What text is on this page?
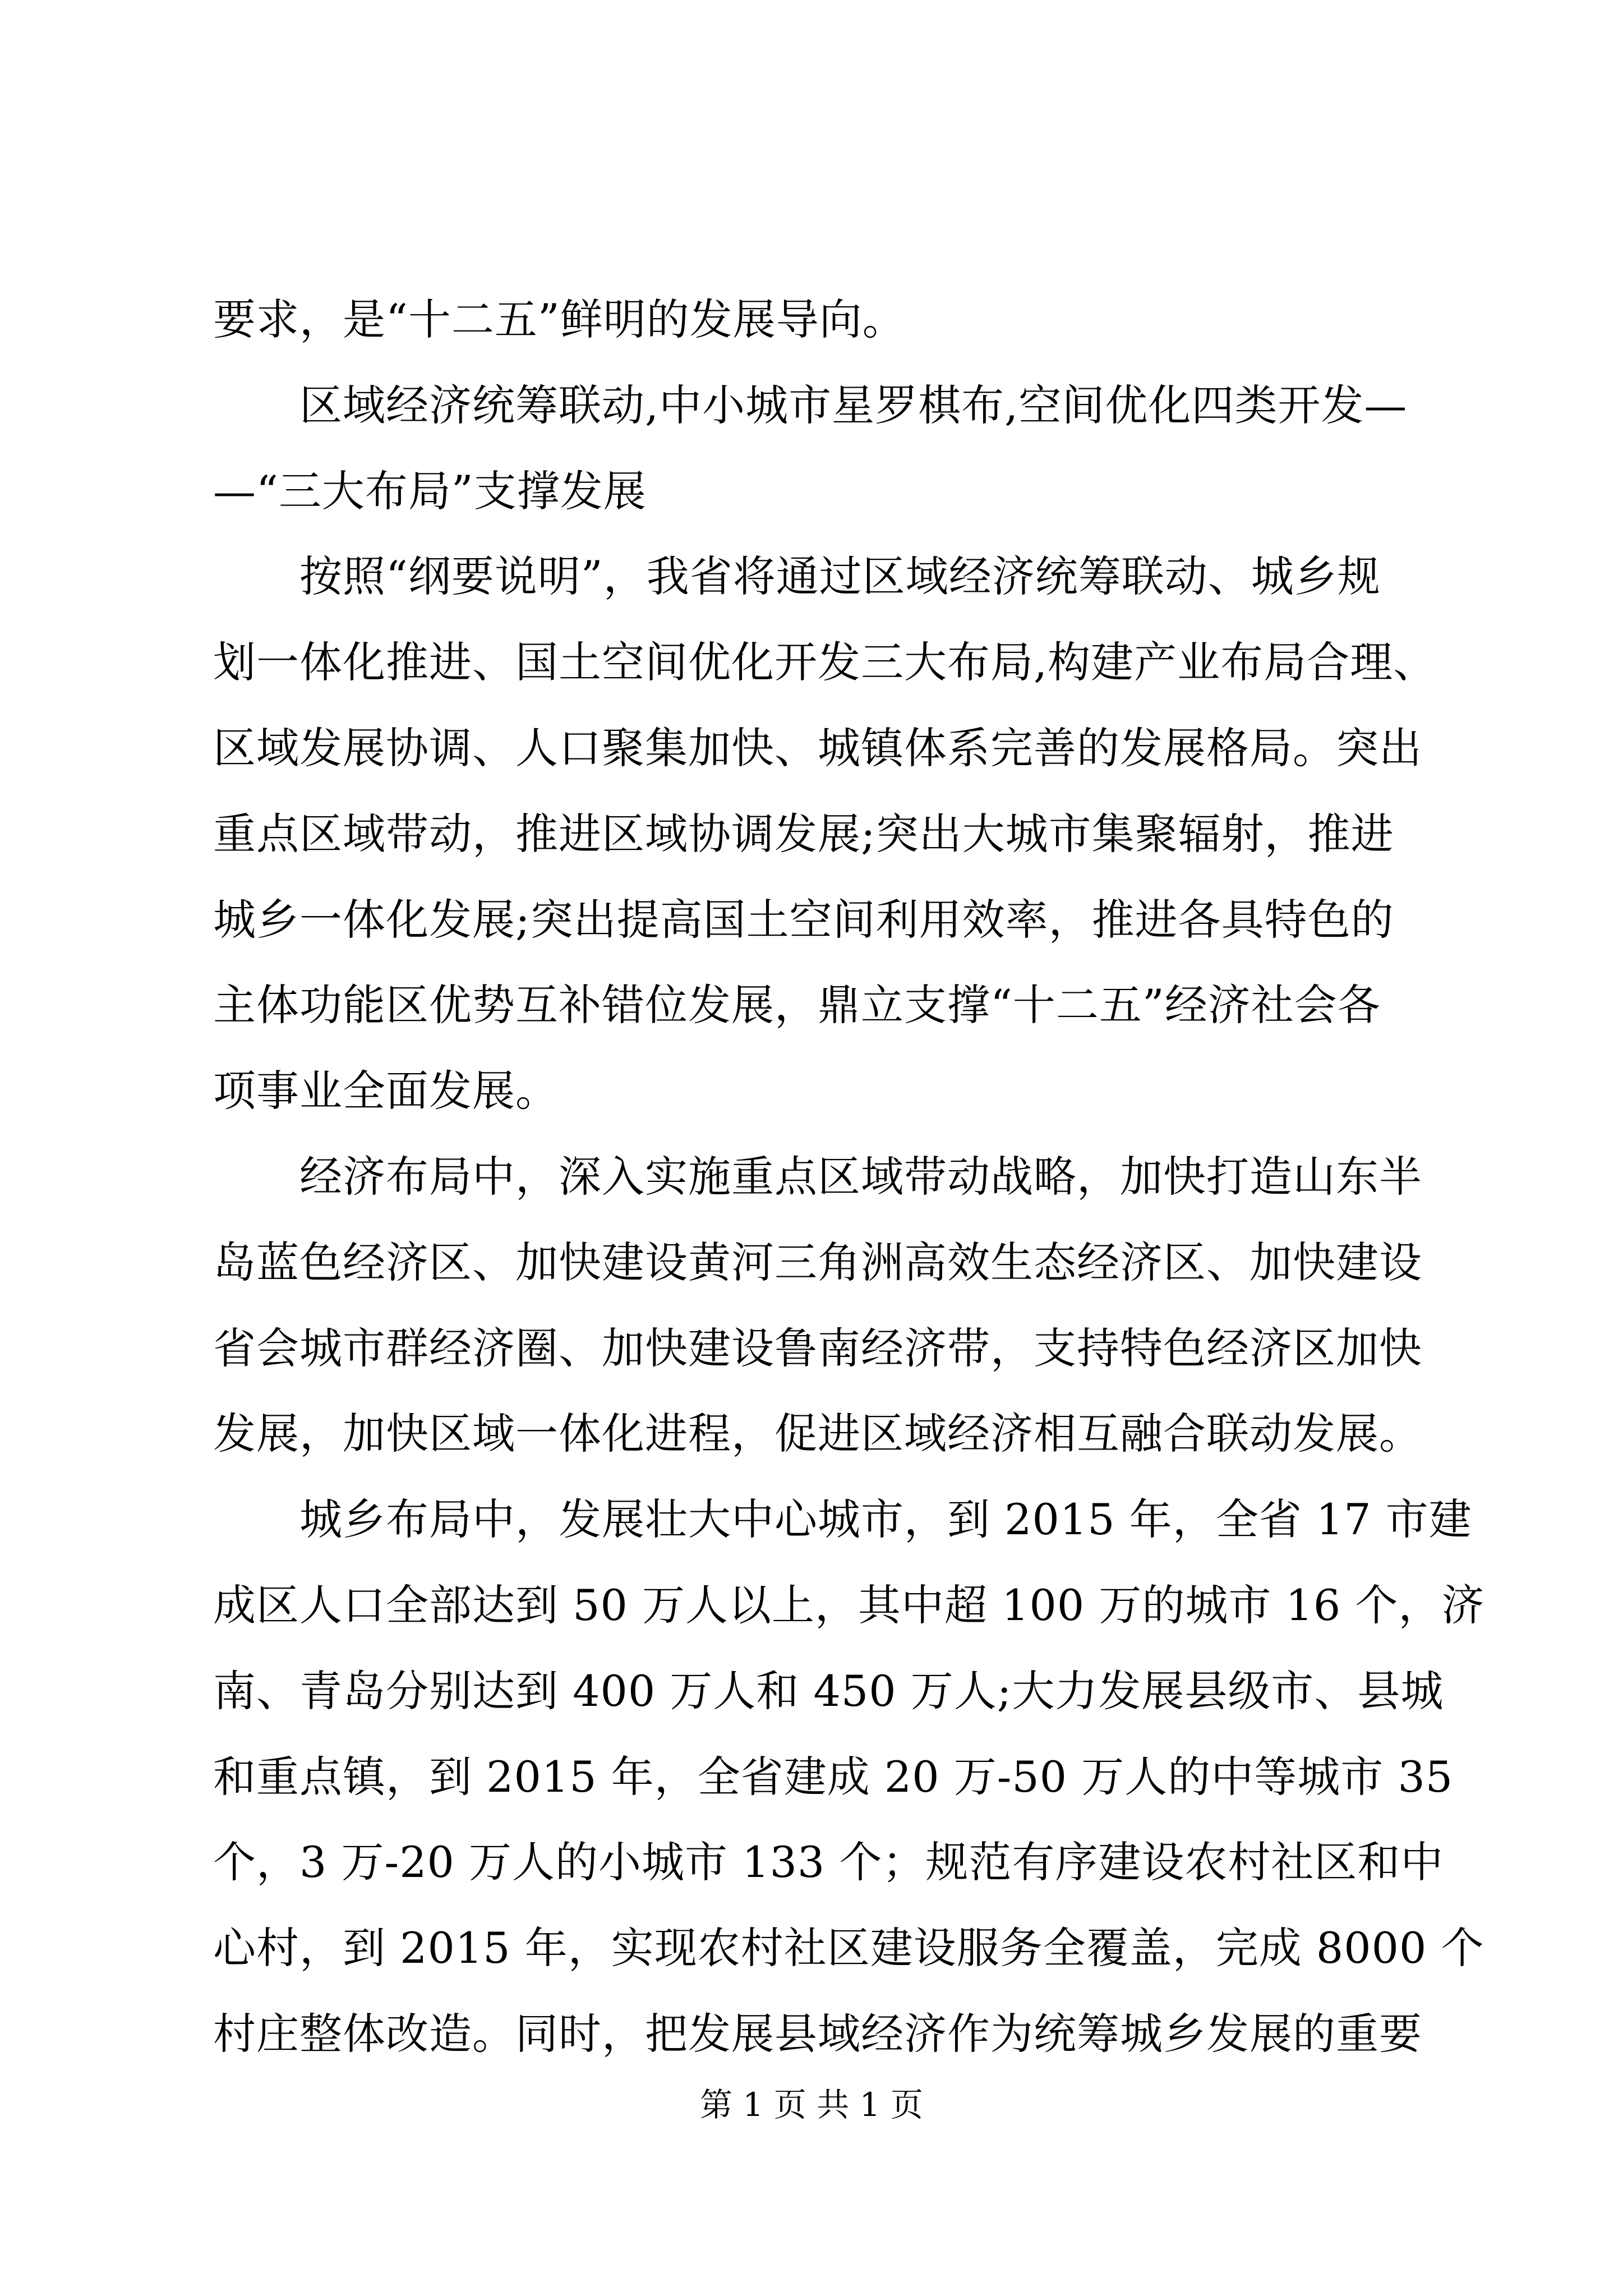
要求，是“十二五”鲜明的发展导向。
　　区域经济统筹联动,中小城市星罗棋布,空间优化四类开发—
—“三大布局”支撑发展
　　按照“纲要说明”，我省将通过区域经济统筹联动、城乡规
划一体化推进、国土空间优化开发三大布局,构建产业布局合理、
区域发展协调、人口聚集加快、城镇体系完善的发展格局。突出
重点区域带动，推进区域协调发展;突出大城市集聚辐射，推进
城乡一体化发展;突出提高国土空间利用效率，推进各具特色的
主体功能区优势互补错位发展，鼎立支撑“十二五”经济社会各
项事业全面发展。
　　经济布局中，深入实施重点区域带动战略，加快打造山东半
岛蓝色经济区、加快建设黄河三角洲高效生态经济区、加快建设
省会城市群经济圈、加快建设鲁南经济带，支持特色经济区加快
发展，加快区域一体化进程，促进区域经济相互融合联动发展。
　　城乡布局中，发展壮大中心城市，到 2015 年，全省 17 市建
成区人口全部达到 50 万人以上，其中超 100 万的城市 16 个，济
南、青岛分别达到 400 万人和 450 万人;大力发展县级市、县城
和重点镇，到 2015 年，全省建成 20 万-50 万人的中等城市 35
个，3 万-20 万人的小城市 133 个；规范有序建设农村社区和中
心村，到 2015 年，实现农村社区建设服务全覆盖，完成 8000 个
村庄整体改造。同时，把发展县域经济作为统筹城乡发展的重要
第 1 页 共 1 页
